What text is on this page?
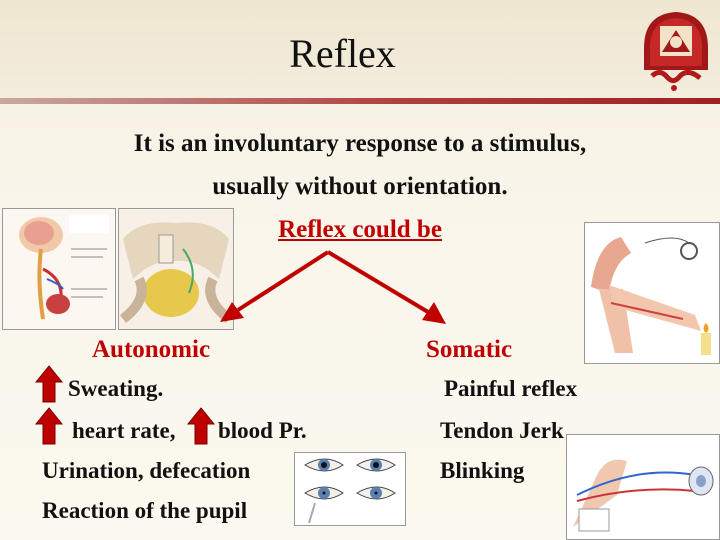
Reflex
It is an involuntary response to a stimulus,
usually without orientation.
Reflex could be
Autonomic	Somatic
Sweating.
heart rate, blood Pr.
Urination, defecation
Reaction of the pupil
Painful reflex
Tendon Jerk
Blinking
